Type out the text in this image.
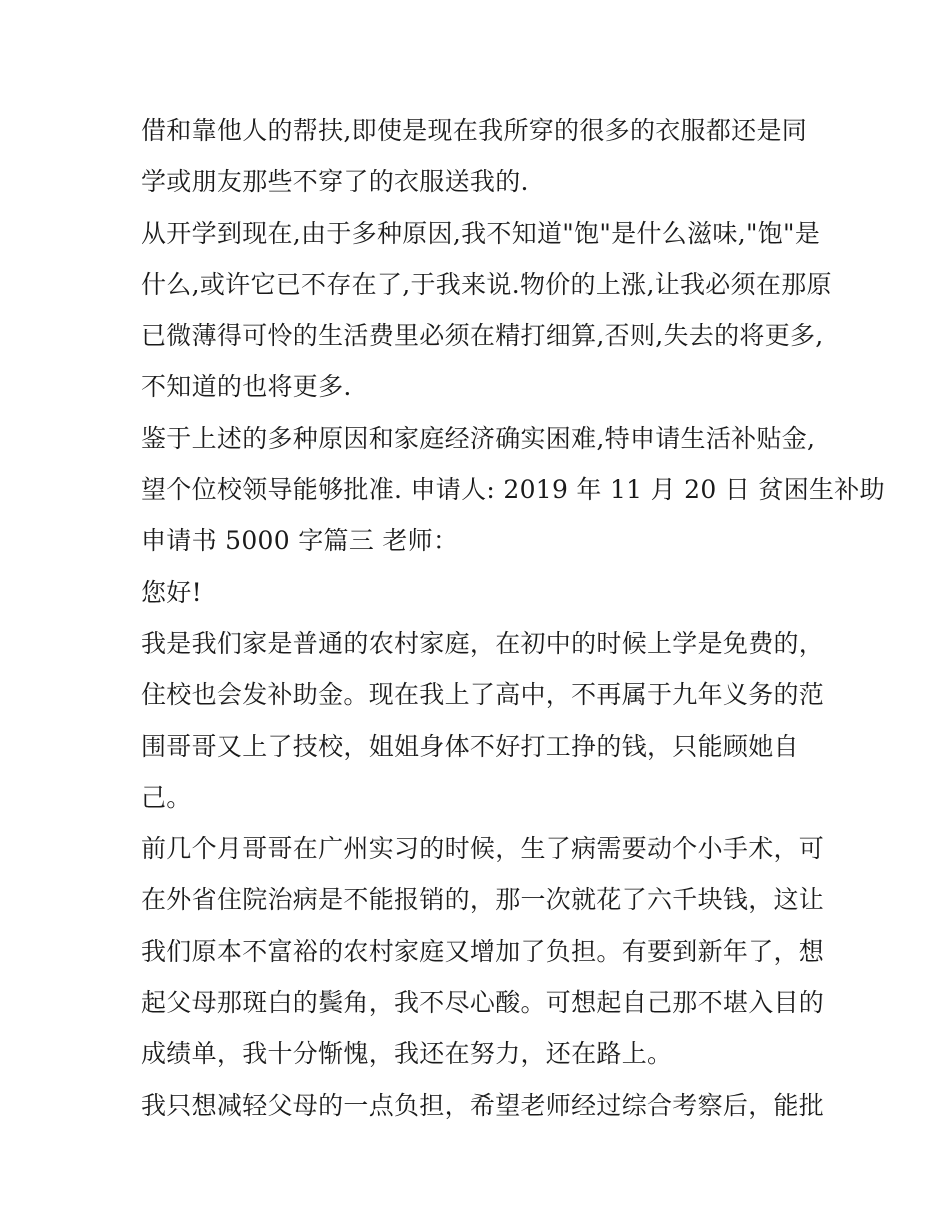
借和靠他人的帮扶,即使是现在我所穿的很多的衣服都还是同
学或朋友那些不穿了的衣服送我的.
从开学到现在,由于多种原因,我不知道"饱"是什么滋味,"饱"是
什么,或许它已不存在了,于我来说.物价的上涨,让我必须在那原
已微薄得可怜的生活费里必须在精打细算,否则,失去的将更多,
不知道的也将更多.
鉴于上述的多种原因和家庭经济确实困难,特申请生活补贴金,
望个位校领导能够批准. 申请人: 2019 年 11 月 20 日 贫困生补助
申请书 5000 字篇三 老师：
您好!
我是我们家是普通的农村家庭，在初中的时候上学是免费的，
住校也会发补助金。现在我上了高中，不再属于九年义务的范
围哥哥又上了技校，姐姐身体不好打工挣的钱，只能顾她自
己。
前几个月哥哥在广州实习的时候，生了病需要动个小手术，可
在外省住院治病是不能报销的，那一次就花了六千块钱，这让
我们原本不富裕的农村家庭又增加了负担。有要到新年了，想
起父母那斑白的鬓角，我不尽心酸。可想起自己那不堪入目的
成绩单，我十分惭愧，我还在努力，还在路上。
我只想减轻父母的一点负担，希望老师经过综合考察后，能批
